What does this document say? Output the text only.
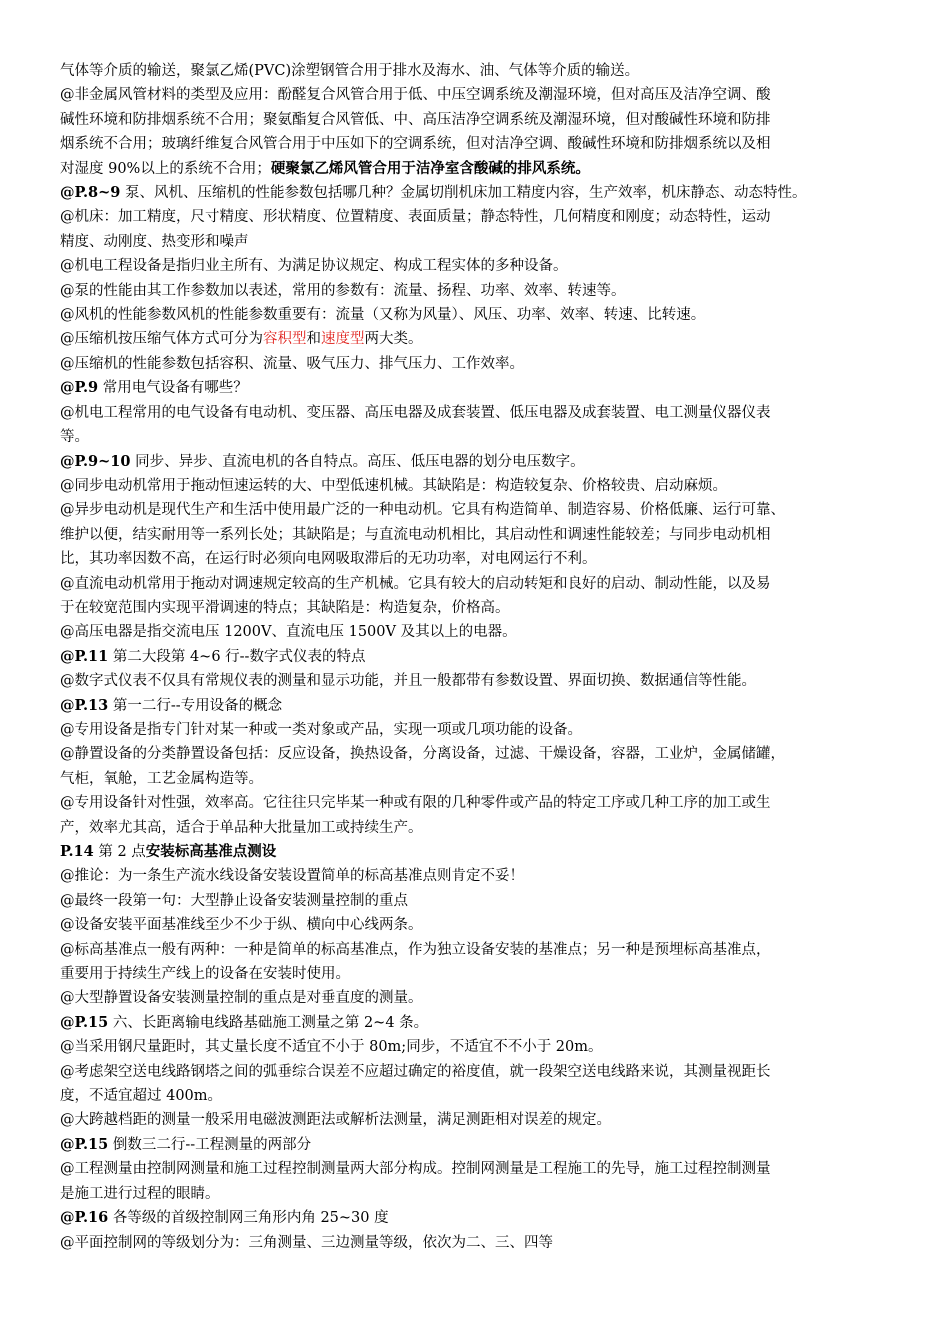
气体等介质的输送，聚氯乙烯(PVC)涂塑钢管合用于排水及海水、油、气体等介质的输送。
@非金属风管材料的类型及应用：酚醛复合风管合用于低、中压空调系统及潮湿环境，但对高压及洁净空调、酸
碱性环境和防排烟系统不合用；聚氨酯复合风管低、中、高压洁净空调系统及潮湿环境，但对酸碱性环境和防排
烟系统不合用；玻璃纤维复合风管合用于中压如下的空调系统，但对洁净空调、酸碱性环境和防排烟系统以及相
对湿度 90%以上的系统不合用；硬聚氯乙烯风管合用于洁净室含酸碱的排风系统。
@P.8~9 泵、风机、压缩机的性能参数包括哪几种？金属切削机床加工精度内容，生产效率，机床静态、动态特性。
@机床：加工精度，尺寸精度、形状精度、位置精度、表面质量；静态特性，几何精度和刚度；动态特性，运动
精度、动刚度、热变形和噪声
@机电工程设备是指归业主所有、为满足协议规定、构成工程实体的多种设备。
@泵的性能由其工作参数加以表述，常用的参数有：流量、扬程、功率、效率、转速等。
@风机的性能参数风机的性能参数重要有：流量（又称为风量）、风压、功率、效率、转速、比转速。
@压缩机按压缩气体方式可分为容积型和速度型两大类。
@压缩机的性能参数包括容积、流量、吸气压力、排气压力、工作效率。
@P.9 常用电气设备有哪些？
@机电工程常用的电气设备有电动机、变压器、高压电器及成套装置、低压电器及成套装置、电工测量仪器仪表
等。
@P.9~10 同步、异步、直流电机的各自特点。高压、低压电器的划分电压数字。
@同步电动机常用于拖动恒速运转的大、中型低速机械。其缺陷是：构造较复杂、价格较贵、启动麻烦。
@异步电动机是现代生产和生活中使用最广泛的一种电动机。它具有构造简单、制造容易、价格低廉、运行可靠、
维护以便，结实耐用等一系列长处；其缺陷是；与直流电动机相比，其启动性和调速性能较差；与同步电动机相
比，其功率因数不高，在运行时必须向电网吸取滞后的无功功率，对电网运行不利。
@直流电动机常用于拖动对调速规定较高的生产机械。它具有较大的启动转矩和良好的启动、制动性能，以及易
于在较宽范围内实现平滑调速的特点；其缺陷是：构造复杂，价格高。
@高压电器是指交流电压 1200V、直流电压 1500V 及其以上的电器。
@P.11 第二大段第 4~6 行--数字式仪表的特点
@数字式仪表不仅具有常规仪表的测量和显示功能，并且一般都带有参数设置、界面切换、数据通信等性能。
@P.13 第一二行--专用设备的概念
@专用设备是指专门针对某一种或一类对象或产品，实现一项或几项功能的设备。
@静置设备的分类静置设备包括：反应设备，换热设备，分离设备，过滤、干燥设备，容器，工业炉，金属储罐，
气柜，氧舱，工艺金属构造等。
@专用设备针对性强，效率高。它往往只完毕某一种或有限的几种零件或产品的特定工序或几种工序的加工或生
产，效率尤其高，适合于单品种大批量加工或持续生产。
P.14 第 2 点安装标高基准点测设
@推论：为一条生产流水线设备安装设置简单的标高基准点则肯定不妥！
@最终一段第一句：大型静止设备安装测量控制的重点
@设备安装平面基准线至少不少于纵、横向中心线两条。
@标高基准点一般有两种：一种是简单的标高基准点，作为独立设备安装的基准点；另一种是预埋标高基准点，
重要用于持续生产线上的设备在安装时使用。
@大型静置设备安装测量控制的重点是对垂直度的测量。
@P.15 六、长距离输电线路基础施工测量之第 2~4 条。
@当采用钢尺量距时，其丈量长度不适宜不小于 80m;同步，不适宜不不小于 20m。
@考虑架空送电线路钢塔之间的弧垂综合误差不应超过确定的裕度值，就一段架空送电线路来说，其测量视距长
度，不适宜超过 400m。
@大跨越档距的测量一般采用电磁波测距法或解析法测量，满足测距相对误差的规定。
@P.15 倒数三二行--工程测量的两部分
@工程测量由控制网测量和施工过程控制测量两大部分构成。控制网测量是工程施工的先导，施工过程控制测量
是施工进行过程的眼睛。
@P.16 各等级的首级控制网三角形内角 25~30 度
@平面控制网的等级划分为：三角测量、三边测量等级，依次为二、三、四等
